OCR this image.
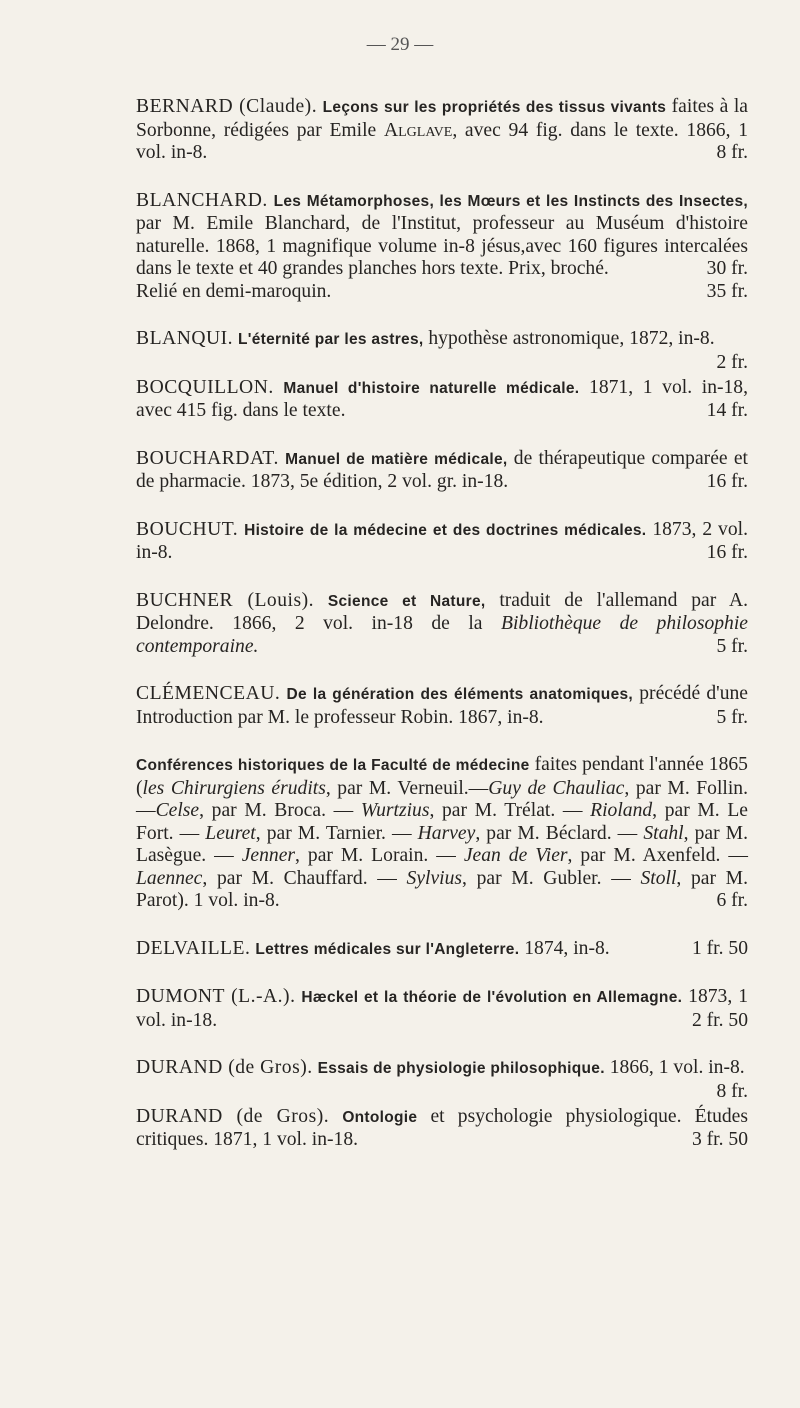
— 29 —

BERNARD (Claude). Leçons sur les propriétés des tissus vivants faites à la Sorbonne, rédigées par Emile Alglave, avec 94 fig. dans le texte. 1866, 1 vol. in-8.	8 fr.

BLANCHARD. Les Métamorphoses, les Mœurs et les Instincts des Insectes, par M. Emile Blanchard, de l'Institut, professeur au Muséum d'histoire naturelle. 1868, 1 magnifique volume in-8 jésus,avec 160 figures intercalées dans le texte et 40 grandes planches hors texte. Prix, broché.	30 fr.
Relié en demi-maroquin.	35 fr.

BLANQUI. L'éternité par les astres, hypothèse astronomique, 1872, in-8.
2 fr.

BOCQUILLON. Manuel d'histoire naturelle médicale. 1871, 1 vol. in-18, avec 415 fig. dans le texte.	14 fr.

BOUCHARDAT. Manuel de matière médicale, de thérapeutique comparée et de pharmacie. 1873, 5e édition, 2 vol. gr. in-18.	16 fr.

BOUCHUT. Histoire de la médecine et des doctrines médicales. 1873, 2 vol. in-8.	16 fr.

BUCHNER (Louis). Science et Nature, traduit de l'allemand par A. Delondre. 1866, 2 vol. in-18 de la Bibliothèque de philosophie contemporaine.	5 fr.

CLÉMENCEAU. De la génération des éléments anatomiques, précédé d'une Introduction par M. le professeur Robin. 1867, in-8.	5 fr.

Conférences historiques de la Faculté de médecine faites pendant l'année 1865 (les Chirurgiens érudits, par M. Verneuil.—Guy de Chauliac, par M. Follin.—Celse, par M. Broca. — Wurtzius, par M. Trélat. — Rioland, par M. Le Fort. — Leuret, par M. Tarnier. — Harvey, par M. Béclard. — Stahl, par M. Lasègue. — Jenner, par M. Lorain. — Jean de Vier, par M. Axenfeld. — Laennec, par M. Chauffard. — Sylvius, par M. Gubler. — Stoll, par M. Parot). 1 vol. in-8.	6 fr.

DELVAILLE. Lettres médicales sur l'Angleterre. 1874, in-8.	1 fr. 50

DUMONT (L.-A.). Hæckel et la théorie de l'évolution en Allemagne. 1873, 1 vol. in-18.	2 fr. 50

DURAND (de Gros). Essais de physiologie philosophique. 1866, 1 vol. in-8.
8 fr.

DURAND (de Gros). Ontologie et psychologie physiologique. Études critiques. 1871, 1 vol. in-18.	3 fr. 50
